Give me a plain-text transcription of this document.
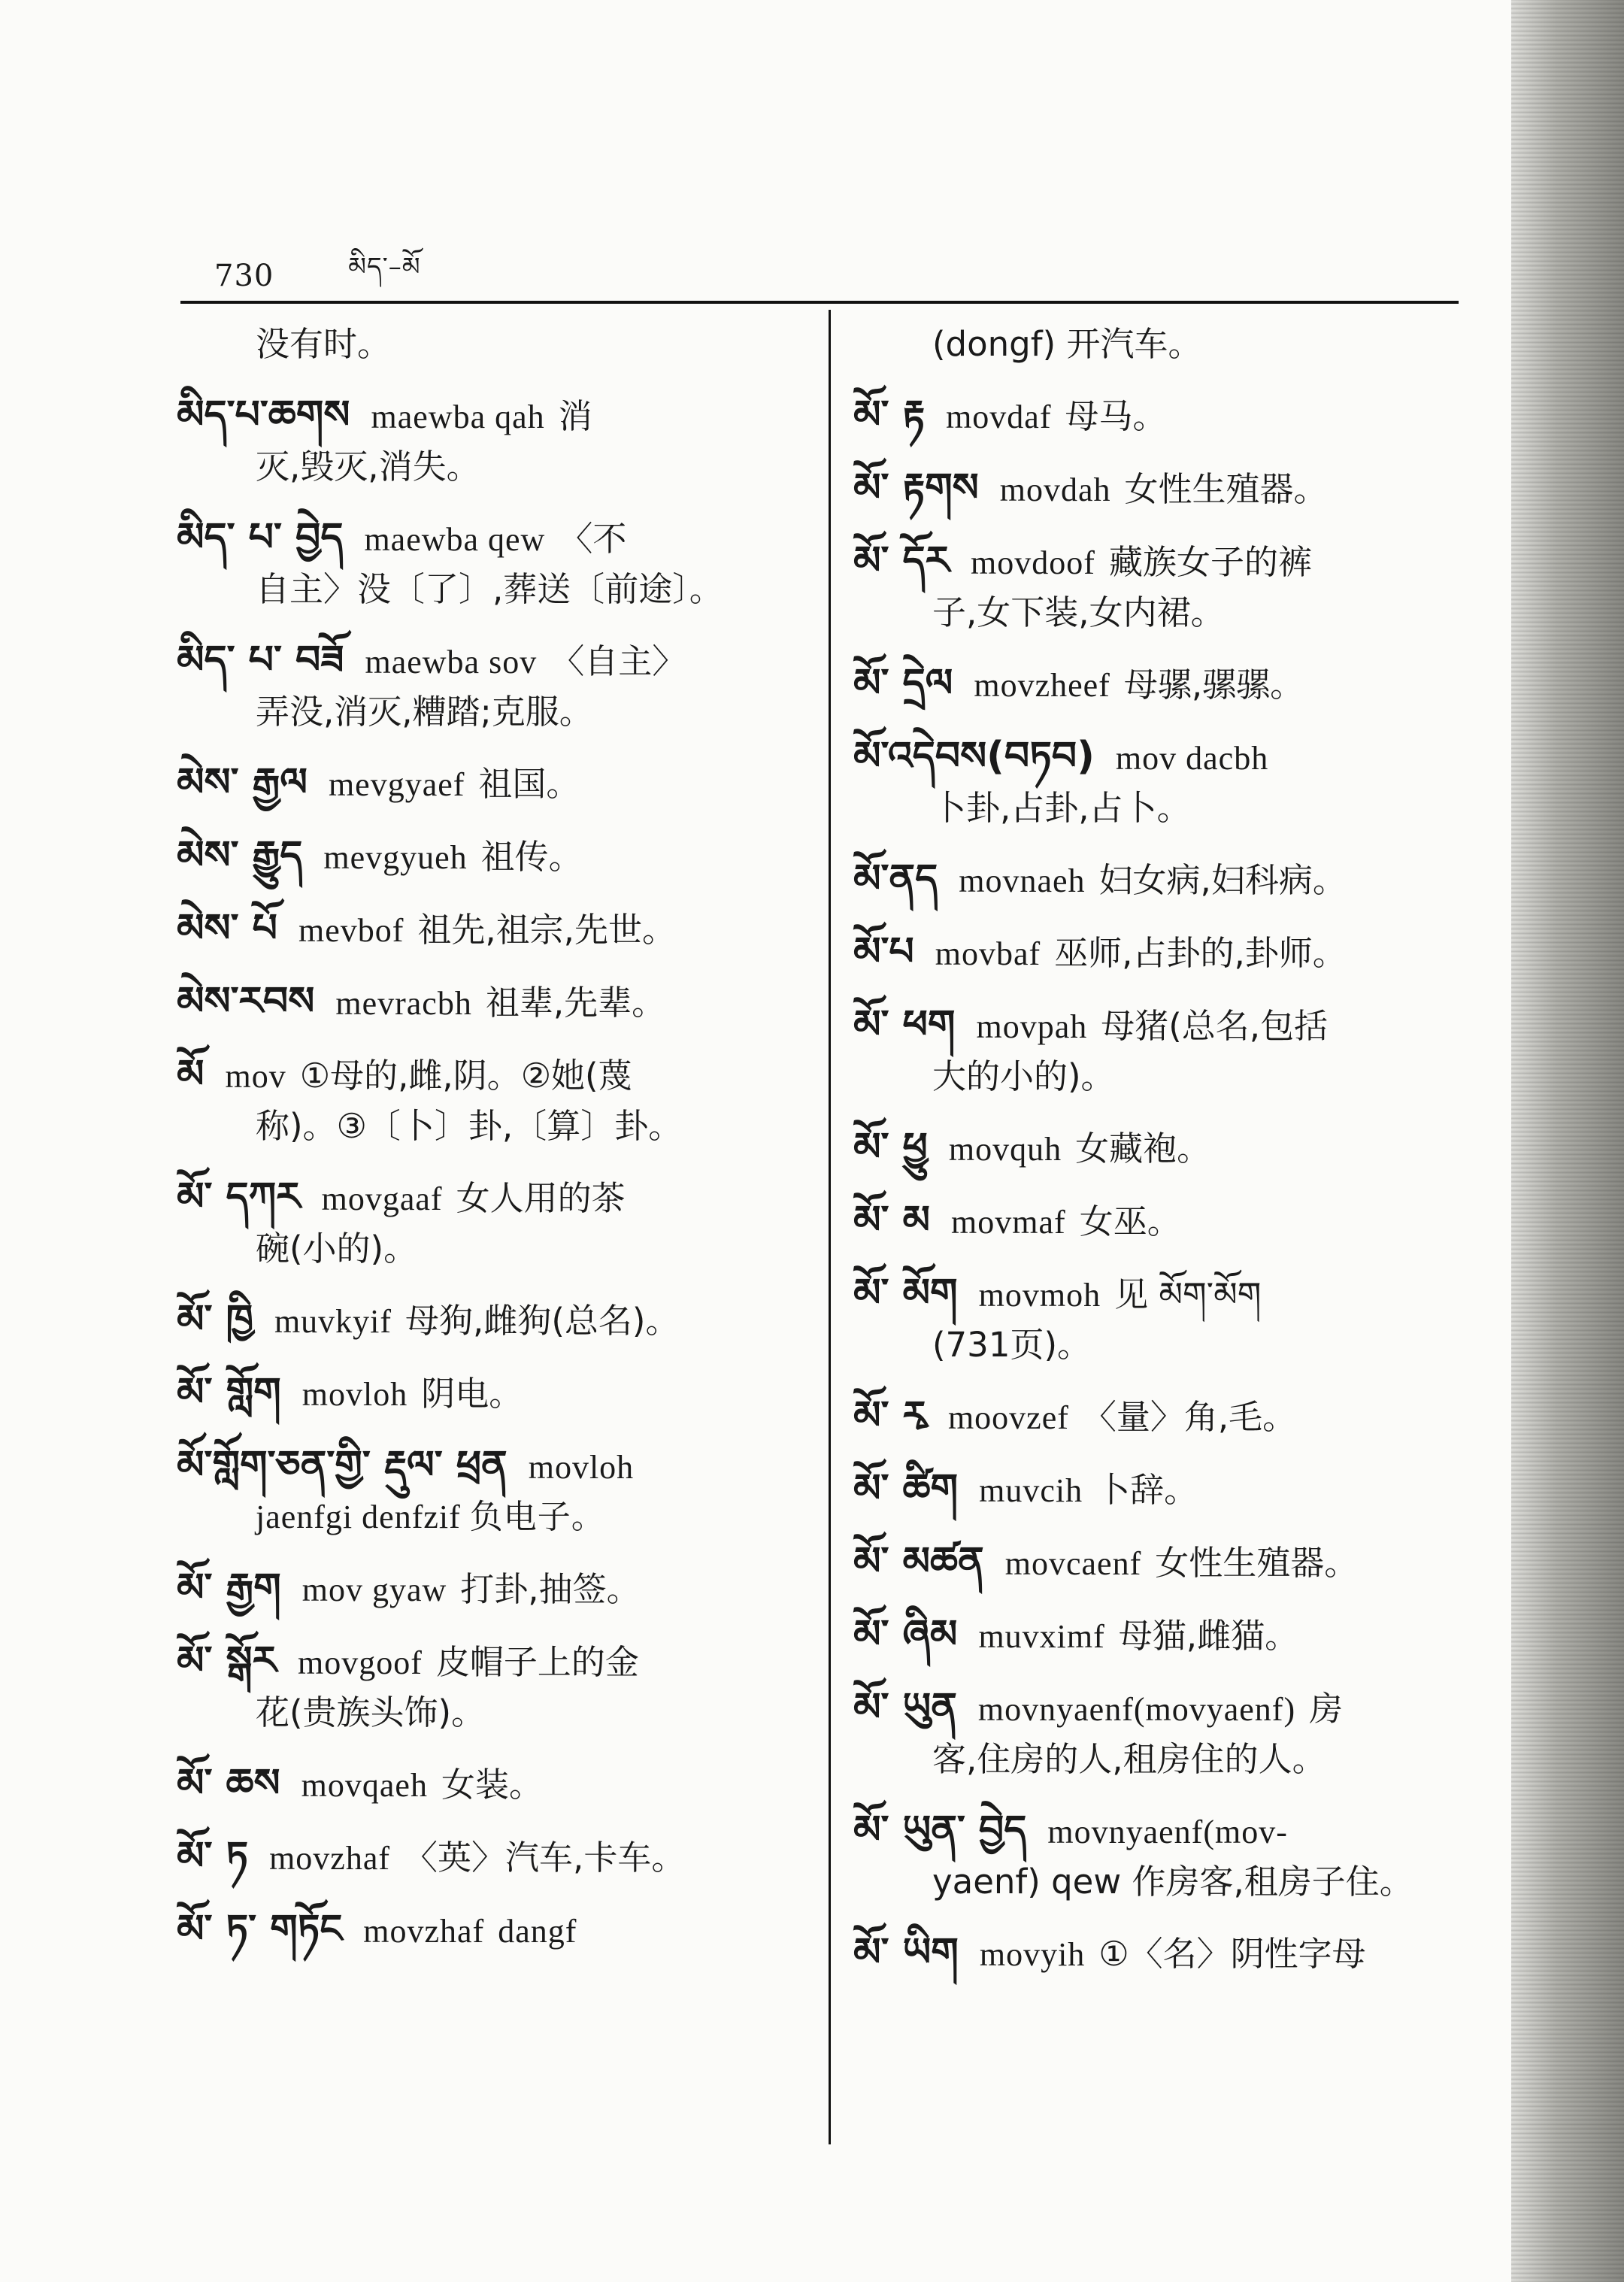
730	$^{མིད་-མོ}$
没有时。
མིད་པ་ཆགས maewba qah 消
灭,毁灭,消失。
མིད་ པ་ བྱེད maewba qew 〈不
自主〉没〔了〕,葬送〔前途〕。
མིད་ པ་ བཟོ maewba sov 〈自主〉
弄没,消灭,糟踏;克服。
མེས་ རྒྱལ mevgyaef 祖国。
མེས་ རྒྱུད mevgyueh 祖传。
མེས་ པོ mevbof 祖先,祖宗,先世。
མེས་རབས mevracbh 祖辈,先辈。
མོ mov ①母的,雌,阴。②她(蔑
称)。③〔卜〕卦,〔算〕卦。
མོ་ དཀར movgaaf 女人用的茶
碗(小的)。
མོ་ ཁྱི muvkyif 母狗,雌狗(总名)。
མོ་ གློག movloh 阴电。
མོ་གློག་ཅན་གྱི་ རྡུལ་ ཕྲན movloh
jaenfgi denfzif 负电子。
མོ་ རྒྱག mov gyaw 打卦,抽签。
མོ་ སྒོར movgoof 皮帽子上的金
花(贵族头饰)。
མོ་ ཆས movqaeh 女装。
མོ་ ཏ movzhaf 〈英〉汽车,卡车。
མོ་ ཏ་ གཏོང movzhaf dangf
(dongf) 开汽车。
མོ་ རྟ movdaf 母马。
མོ་ རྟགས movdah 女性生殖器。
མོ་ དོར movdoof 藏族女子的裤
子,女下装,女内裙。
མོ་ དྲེལ movzheef 母骡,骡骡。
མོ་འདེབས(བཏབ) mov dacbh
卜卦,占卦,占卜。
མོ་ནད movnaeh 妇女病,妇科病。
མོ་པ movbaf 巫师,占卦的,卦师。
མོ་ ཕག movpah 母猪(总名,包括
大的小的)。
མོ་ ཕྱུ movquh 女藏袍。
མོ་ མ movmaf 女巫。
མོ་ མོག movmoh 见 མོག་མོག
(731页)。
མོ་ རྭ moovzef 〈量〉角,毛。
མོ་ ཚིག muvcih 卜辞。
མོ་ མཚན movcaenf 女性生殖器。
མོ་ ཞིམ muvximf 母猫,雌猫。
མོ་ ཡུན movnyaenf(movyaenf) 房
客,住房的人,租房住的人。
མོ་ ཡུན་ བྱེད movnyaenf(mov-
yaenf) qew 作房客,租房子住。
མོ་ ཡིག movyih ①〈名〉阴性字母
